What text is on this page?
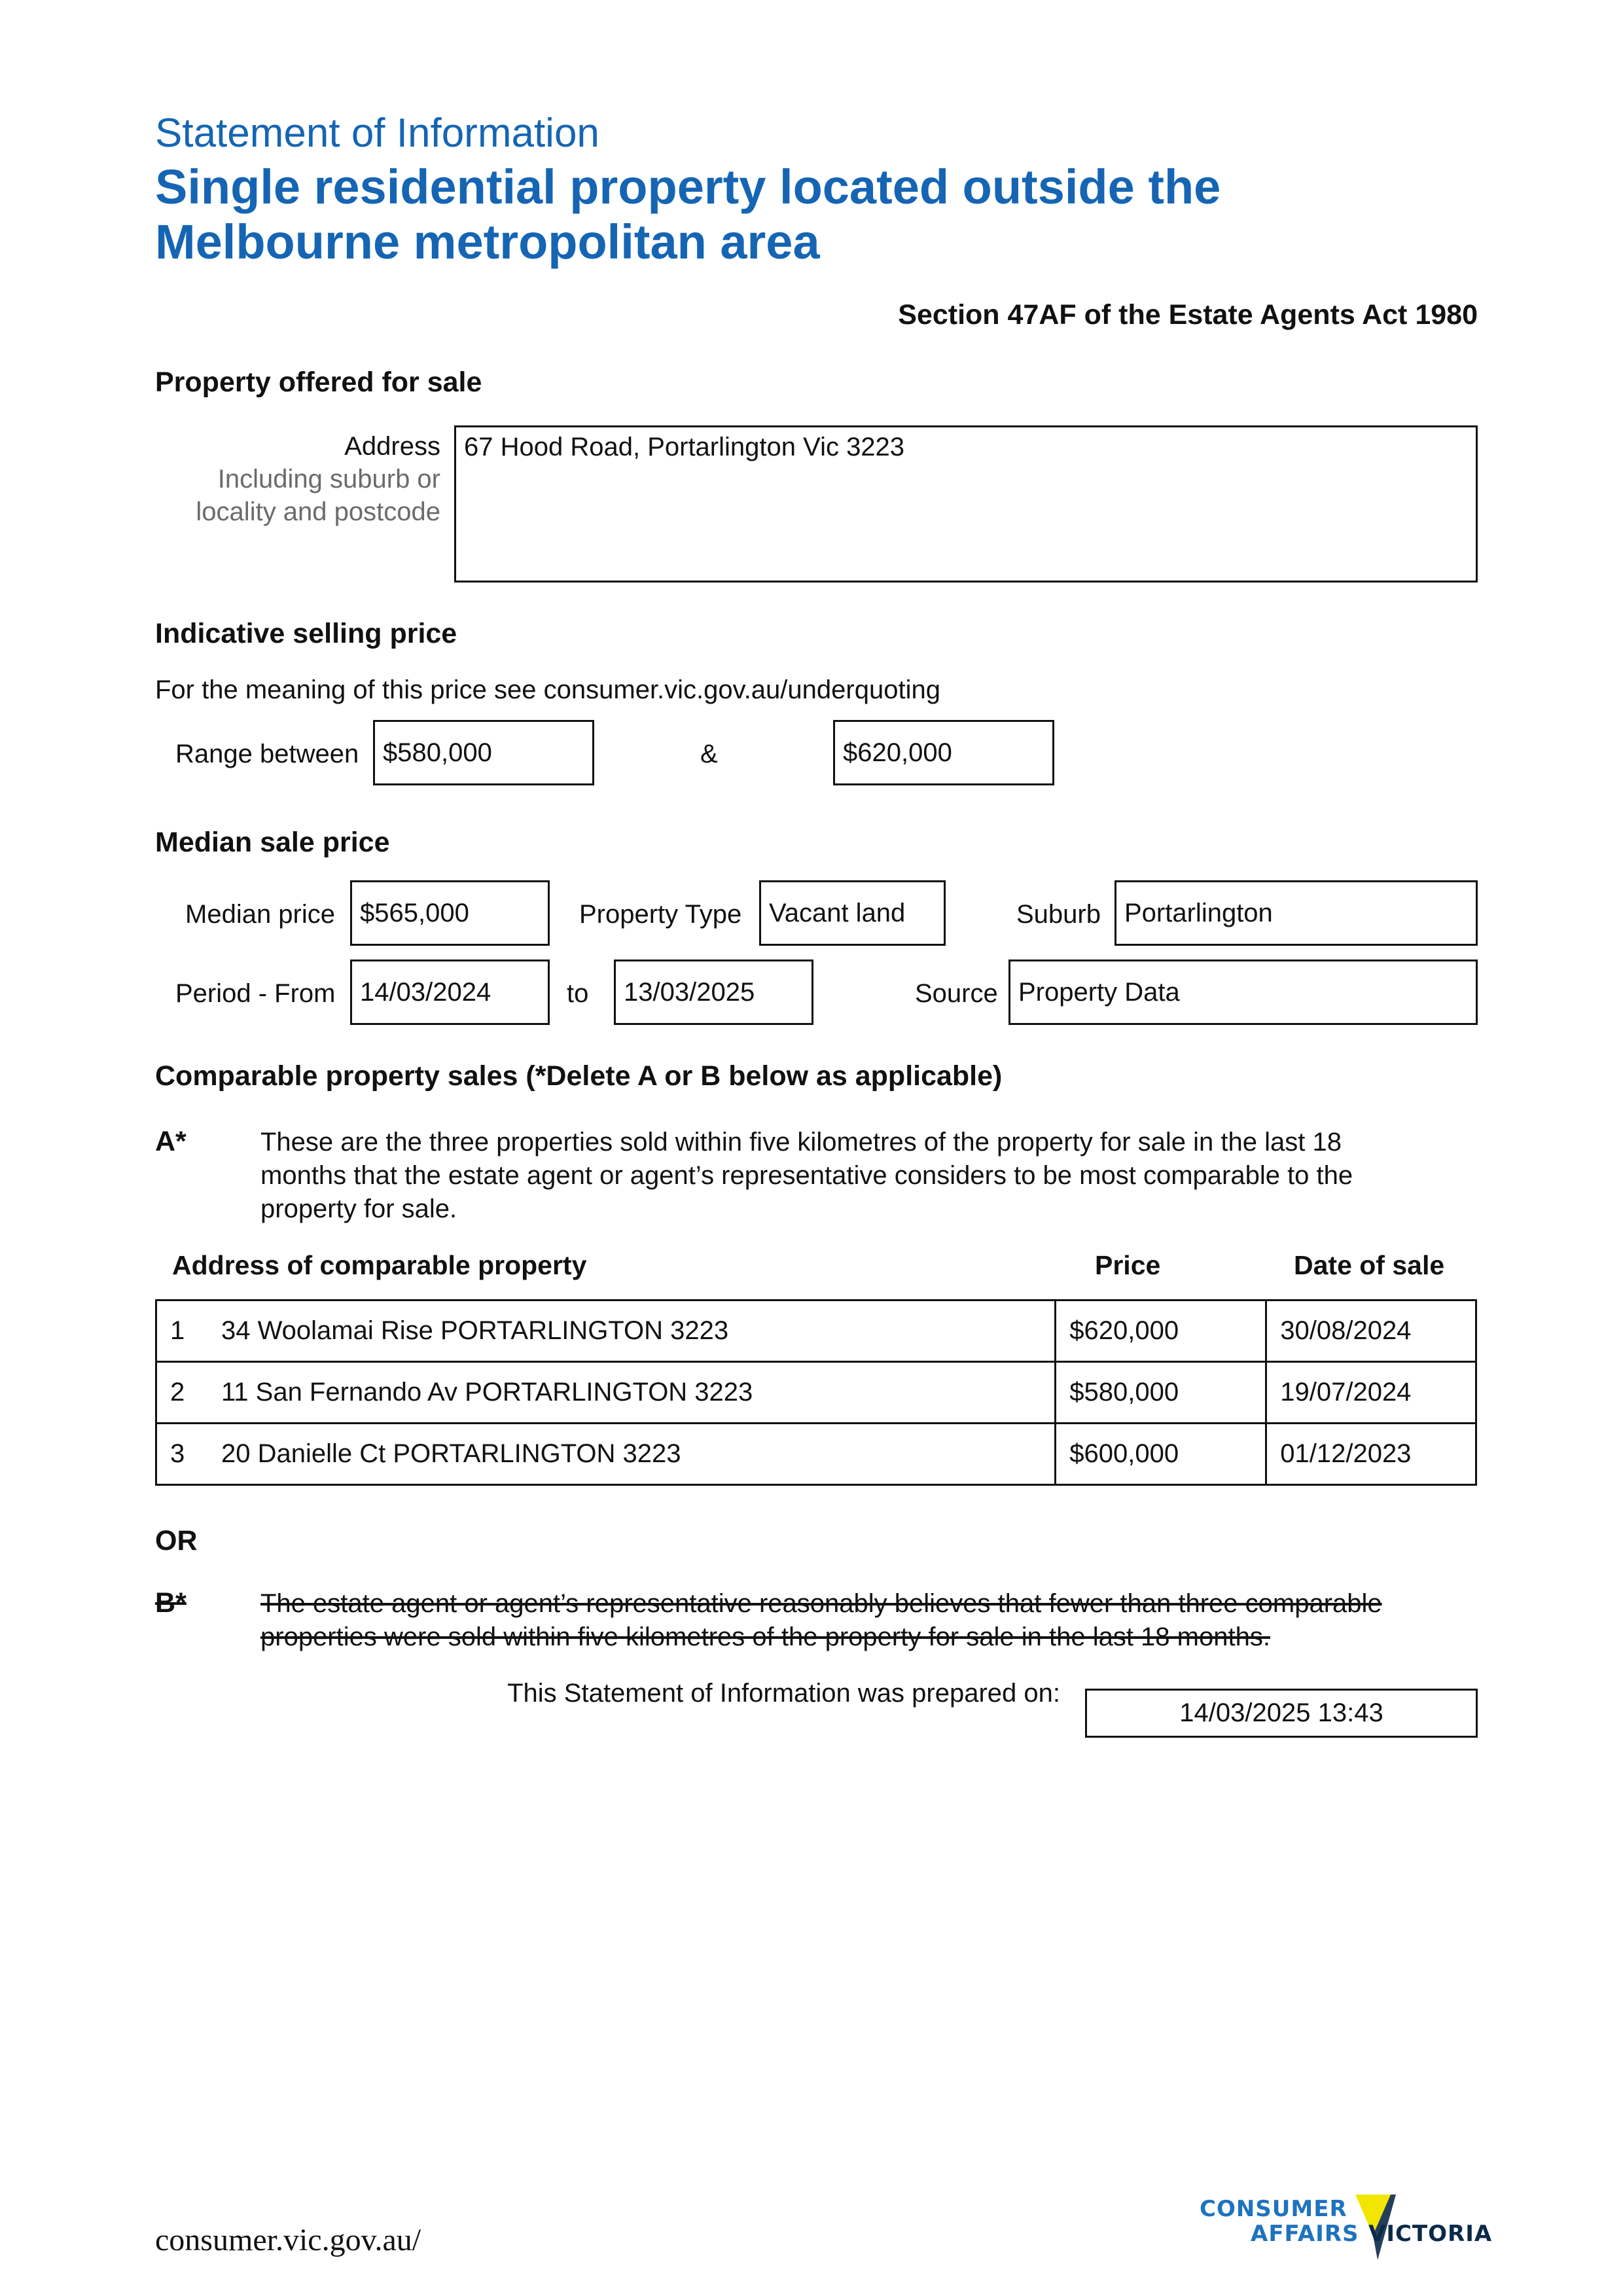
Statement of Information
Single residential property located outside the
Melbourne metropolitan area
Section 47AF of the Estate Agents Act 1980
Property offered for sale
Address
Including suburb or
locality and postcode
67 Hood Road, Portarlington Vic 3223
Indicative selling price
For the meaning of this price see consumer.vic.gov.au/underquoting
Range between $580,000	&	$620,000
Median sale price
Median price $565,000	Property Type Vacant land	Suburb Portarlington
Period - From 14/03/2024	to 13/03/2025	Source Property Data
Comparable property sales (*Delete A or B below as applicable)
A*	These are the three properties sold within five kilometres of the property for sale in the last 18
months that the estate agent or agent’s representative considers to be most comparable to the
property for sale.
Address of comparable property	Price	Date of sale
1 34 Woolamai Rise PORTARLINGTON 3223	$620,000	30/08/2024
2 11 San Fernando Av PORTARLINGTON 3223	$580,000	19/07/2024
3 20 Danielle Ct PORTARLINGTON 3223	$600,000	01/12/2023
OR
B*	The estate agent or agent’s representative reasonably believes that fewer than three comparable
properties were sold within five kilometres of the property for sale in the last 18 months.
This Statement of Information was prepared on:
14/03/2025 13:43
consumer.vic.gov.au/
CONSUMER
AFFAIRS VICTORIA
